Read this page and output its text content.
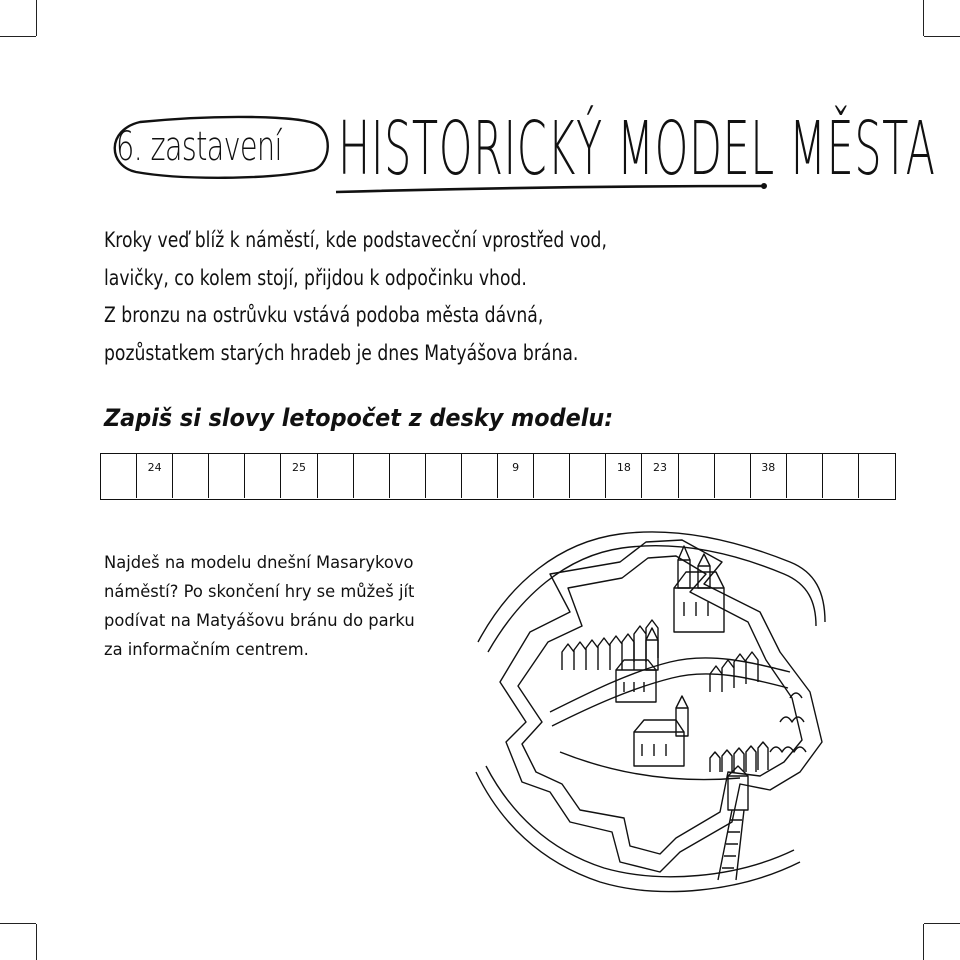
6. zastavení HISTORICKÝ MODEL MĚSTA
Kroky veď blíž k náměstí, kde podstavecční vprostřed vod,
lavičky, co kolem stojí, přijdou k odpočinku vhod.
Z bronzu na ostrůvku vstává podoba města dávná,
pozůstatkem starých hradeb je dnes Matyášova brána.
Zapiš si slovy letopočet z desky modelu:
24	25	9	18	23	38
Najdeš na modelu dnešní Masarykovo
náměstí? Po skončení hry se můžeš jít
podívat na Matyášovu bránu do parku
za informačním centrem.
